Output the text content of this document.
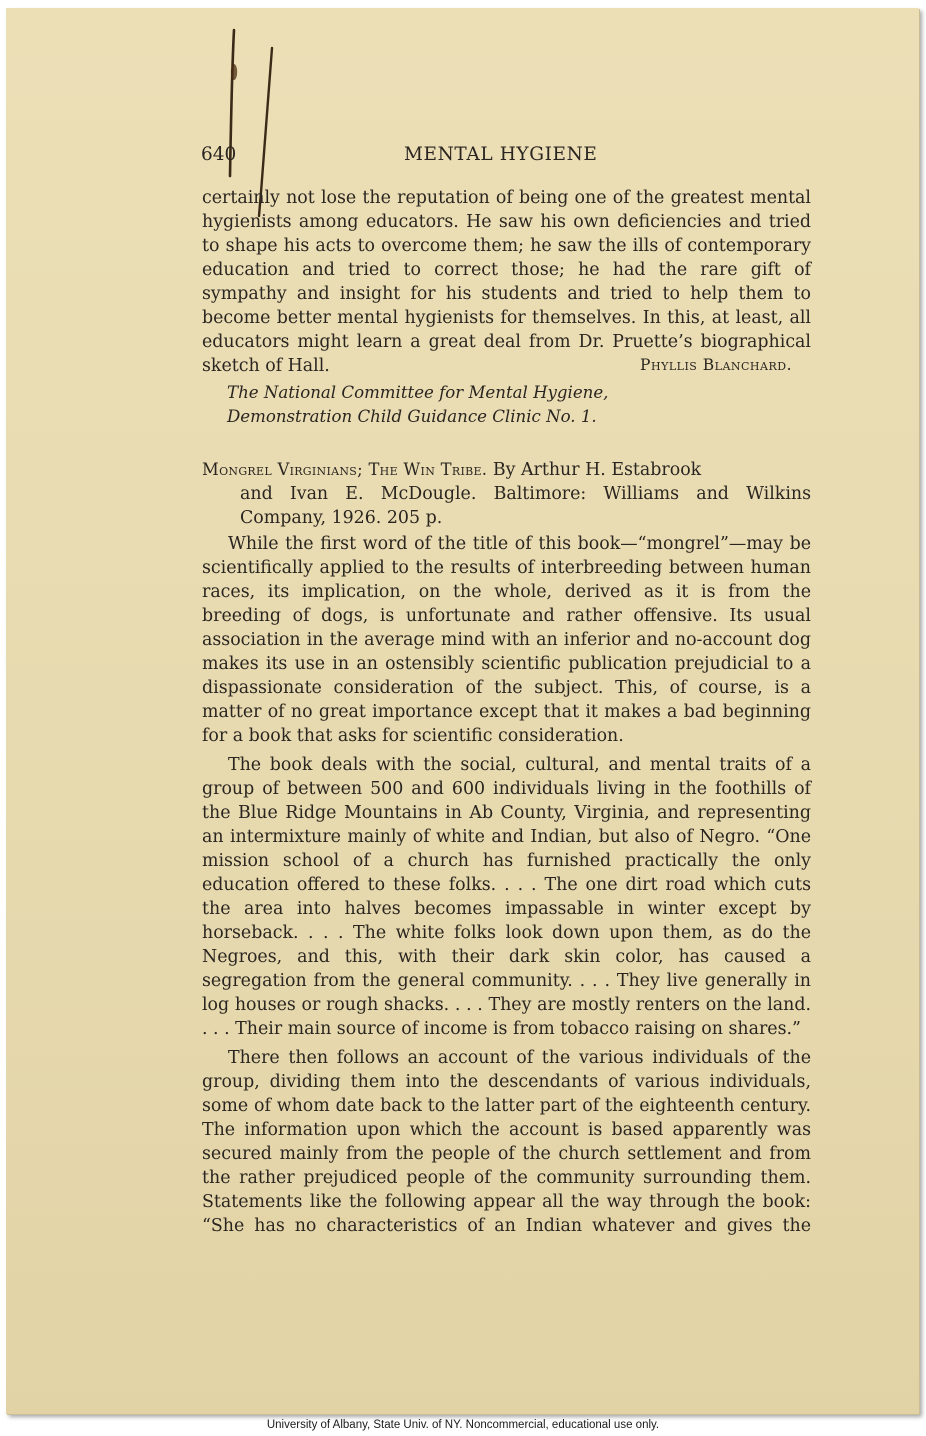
640	MENTAL HYGIENE
certainly not lose the reputation of being one of the greatest mental hygienists among educators. He saw his own deficiencies and tried to shape his acts to overcome them; he saw the ills of contemporary education and tried to correct those; he had the rare gift of sympathy and insight for his students and tried to help them to become better mental hygienists for themselves. In this, at least, all educators might learn a great deal from Dr. Pruette’s biographical sketch of Hall.	Phyllis Blanchard.
The National Committee for Mental Hygiene,
Demonstration Child Guidance Clinic No. 1.
Mongrel Virginians; The Win Tribe. By Arthur H. Estabrook
and Ivan E. McDougle. Baltimore: Williams and Wilkins Company, 1926. 205 p.
While the first word of the title of this book—“mongrel”—may be scientifically applied to the results of interbreeding between human races, its implication, on the whole, derived as it is from the breeding of dogs, is unfortunate and rather offensive. Its usual association in the average mind with an inferior and no-account dog makes its use in an ostensibly scientific publication prejudicial to a dispassionate consideration of the subject. This, of course, is a matter of no great importance except that it makes a bad beginning for a book that asks for scientific consideration.
The book deals with the social, cultural, and mental traits of a group of between 500 and 600 individuals living in the foothills of the Blue Ridge Mountains in Ab County, Virginia, and representing an intermixture mainly of white and Indian, but also of Negro. “One mission school of a church has furnished practically the only education offered to these folks. . . . The one dirt road which cuts the area into halves becomes impassable in winter except by horseback. . . . The white folks look down upon them, as do the Negroes, and this, with their dark skin color, has caused a segregation from the general community. . . . They live generally in log houses or rough shacks. . . . They are mostly renters on the land. . . . Their main source of income is from tobacco raising on shares.”
There then follows an account of the various individuals of the group, dividing them into the descendants of various individuals, some of whom date back to the latter part of the eighteenth century. The information upon which the account is based apparently was secured mainly from the people of the church settlement and from the rather prejudiced people of the community surrounding them. Statements like the following appear all the way through the book: “She has no characteristics of an Indian whatever and gives the
University of Albany, State Univ. of NY. Noncommercial, educational use only.
